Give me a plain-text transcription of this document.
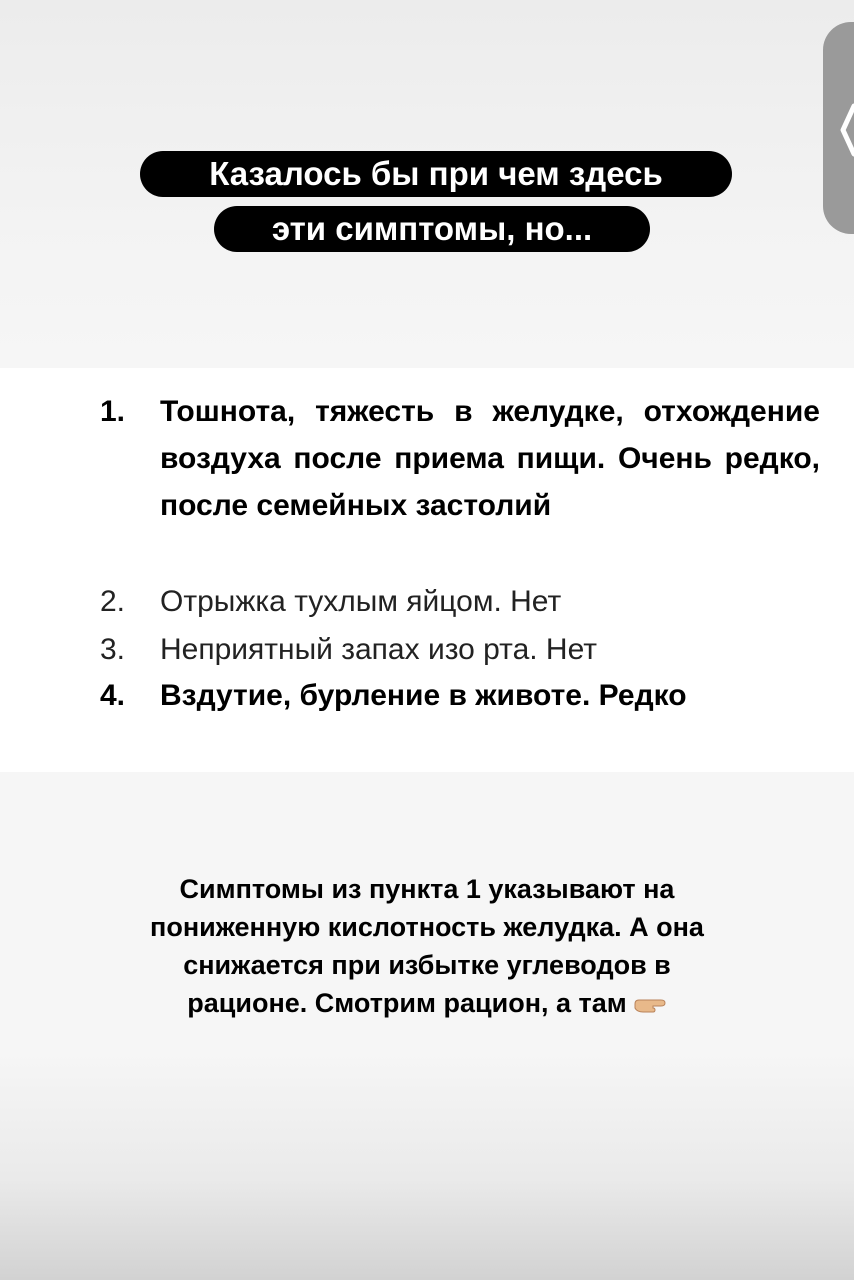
Казалось бы при чем здесь
эти симптомы, но...
1.	Тошнота, тяжесть в желудке, отхождение воздуха после приема пищи. Очень редко, после семейных застолий
2.	Отрыжка тухлым яйцом. Нет
3.	Неприятный запах изо рта. Нет
4.	Вздутие, бурление в животе. Редко
Симптомы из пункта 1 указывают на пониженную кислотность желудка. А она снижается при избытке углеводов в рационе. Смотрим рацион, а там
